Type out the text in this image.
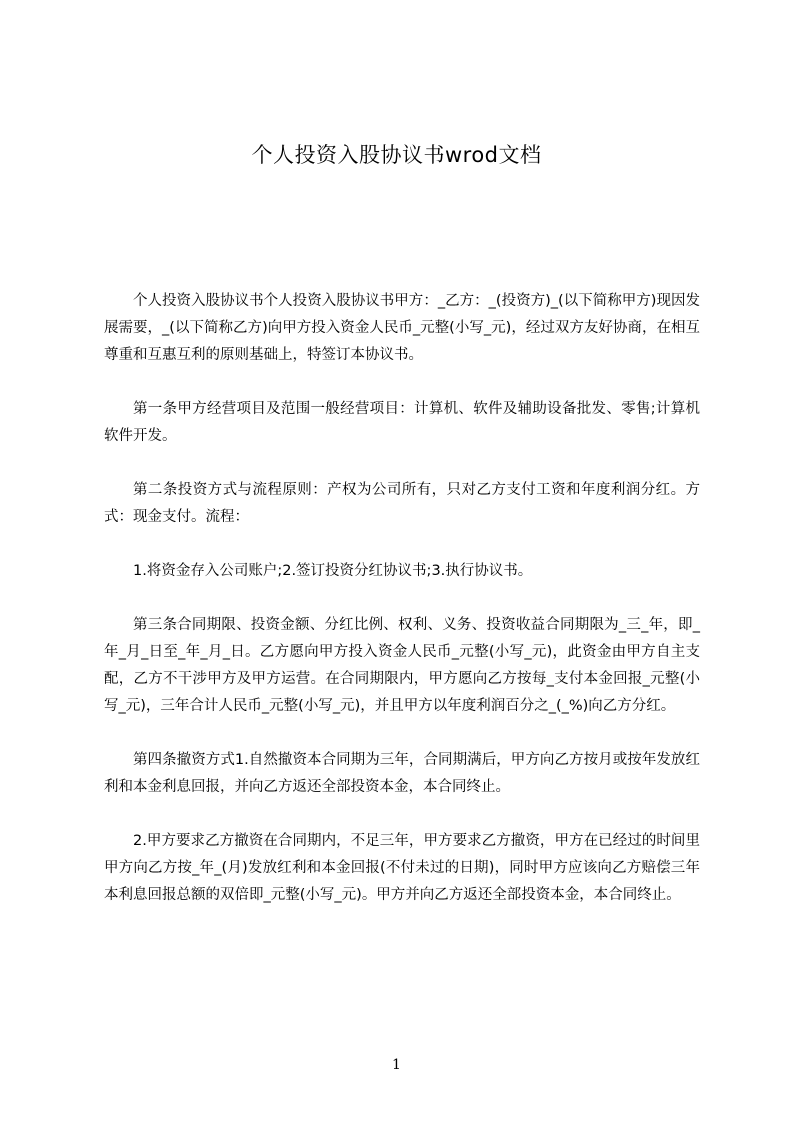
个人投资入股协议书wrod文档

个人投资入股协议书个人投资入股协议书甲方：_乙方：_(投资方)_(以下简称甲方)现因发展需要，_(以下简称乙方)向甲方投入资金人民币_元整(小写_元)，经过双方友好协商，在相互尊重和互惠互利的原则基础上，特签订本协议书。

第一条甲方经营项目及范围一般经营项目：计算机、软件及辅助设备批发、零售;计算机软件开发。

第二条投资方式与流程原则：产权为公司所有，只对乙方支付工资和年度利润分红。方式：现金支付。流程：

1.将资金存入公司账户;2.签订投资分红协议书;3.执行协议书。

第三条合同期限、投资金额、分红比例、权利、义务、投资收益合同期限为_三_年，即_年_月_日至_年_月_日。乙方愿向甲方投入资金人民币_元整(小写_元)，此资金由甲方自主支配，乙方不干涉甲方及甲方运营。在合同期限内，甲方愿向乙方按每_支付本金回报_元整(小写_元)，三年合计人民币_元整(小写_元)，并且甲方以年度利润百分之_(_%)向乙方分红。

第四条撤资方式1.自然撤资本合同期为三年，合同期满后，甲方向乙方按月或按年发放红利和本金利息回报，并向乙方返还全部投资本金，本合同终止。

2.甲方要求乙方撤资在合同期内，不足三年，甲方要求乙方撤资，甲方在已经过的时间里甲方向乙方按_年_(月)发放红利和本金回报(不付未过的日期)，同时甲方应该向乙方赔偿三年本利息回报总额的双倍即_元整(小写_元)。甲方并向乙方返还全部投资本金，本合同终止。

1
